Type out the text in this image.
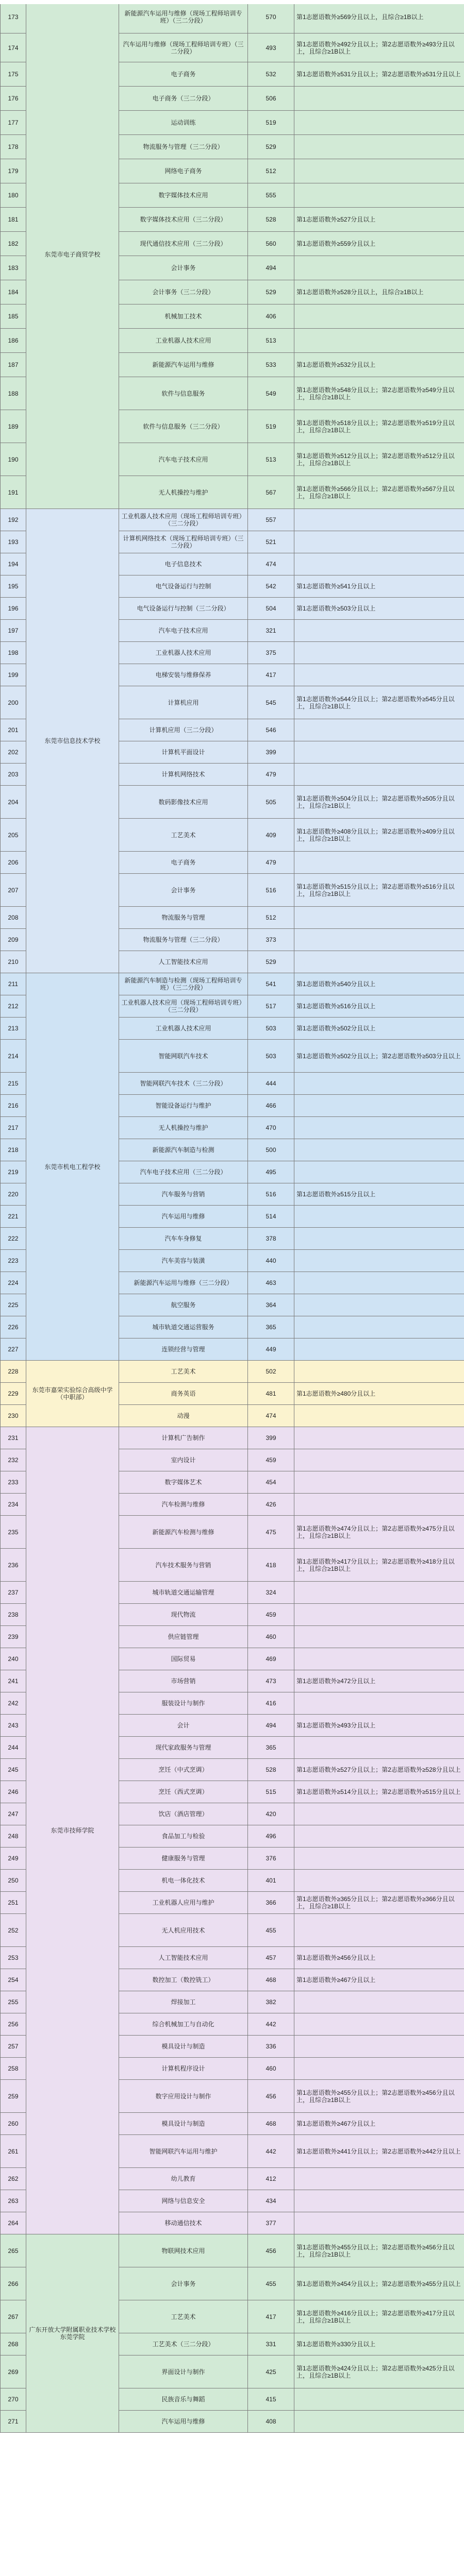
173	东莞市电子商贸学校	新能源汽车运用与维修（现场工程师培训专班）（三二分段）	570	第1志愿语数外≥569分且以上，且综合≥1B以上
174		汽车运用与维修（现场工程师培训专班）（三二分段）	493	第1志愿语数外≥492分且以上；第2志愿语数外≥493分且以上，且综合≥1B以上
175		电子商务	532	第1志愿语数外≥531分且以上；第2志愿语数外≥531分且以上
176		电子商务（三二分段）	506	
177		运动训练	519	
178		物流服务与管理（三二分段）	529	
179		网络电子商务	512	
180		数字媒体技术应用	555	
181		数字媒体技术应用（三二分段）	528	第1志愿语数外≥527分且以上
182		现代通信技术应用（三二分段）	560	第1志愿语数外≥559分且以上
183		会计事务	494	
184		会计事务（三二分段）	529	第1志愿语数外≥528分且以上，且综合≥1B以上
185		机械加工技术	406	
186		工业机器人技术应用	513	
187		新能源汽车运用与维修	533	第1志愿语数外≥532分且以上
188		软件与信息服务	549	第1志愿语数外≥548分且以上；第2志愿语数外≥549分且以上，且综合≥1B以上
189		软件与信息服务（三二分段）	519	第1志愿语数外≥518分且以上；第2志愿语数外≥519分且以上，且综合≥1B以上
190		汽车电子技术应用	513	第1志愿语数外≥512分且以上；第2志愿语数外≥512分且以上，且综合≥1B以上
191		无人机操控与维护	567	第1志愿语数外≥566分且以上；第2志愿语数外≥567分且以上，且综合≥1B以上
192	东莞市信息技术学校	工业机器人技术应用（现场工程师培训专班）（三二分段）	557	
193		计算机网络技术（现场工程师培训专班）（三二分段）	521	
194		电子信息技术	474	
195		电气设备运行与控制	542	第1志愿语数外≥541分且以上
196		电气设备运行与控制（三二分段）	504	第1志愿语数外≥503分且以上
197		汽车电子技术应用	321	
198		工业机器人技术应用	375	
199		电梯安装与维修保养	417	
200		计算机应用	545	第1志愿语数外≥544分且以上；第2志愿语数外≥545分且以上，且综合≥1B以上
201		计算机应用（三二分段）	546	
202		计算机平面设计	399	
203		计算机网络技术	479	
204		数码影像技术应用	505	第1志愿语数外≥504分且以上；第2志愿语数外≥505分且以上，且综合≥1B以上
205		工艺美术	409	第1志愿语数外≥408分且以上；第2志愿语数外≥409分且以上，且综合≥1B以上
206		电子商务	479	
207		会计事务	516	第1志愿语数外≥515分且以上；第2志愿语数外≥516分且以上，且综合≥1B以上
208		物流服务与管理	512	
209		物流服务与管理（三二分段）	373	
210		人工智能技术应用	529	
211	东莞市机电工程学校	新能源汽车制造与检测（现场工程师培训专班）（三二分段）	541	第1志愿语数外≥540分且以上
212		工业机器人技术应用（现场工程师培训专班）（三二分段）	517	第1志愿语数外≥516分且以上
213		工业机器人技术应用	503	第1志愿语数外≥502分且以上
214		智能网联汽车技术	503	第1志愿语数外≥502分且以上；第2志愿语数外≥503分且以上
215		智能网联汽车技术（三二分段）	444	
216		智能设备运行与维护	466	
217		无人机操控与维护	470	
218		新能源汽车制造与检测	500	
219		汽车电子技术应用（三二分段）	495	
220		汽车服务与营销	516	第1志愿语数外≥515分且以上
221		汽车运用与维修	514	
222		汽车车身修复	378	
223		汽车美容与装潢	440	
224		新能源汽车运用与维修（三二分段）	463	
225		航空服务	364	
226		城市轨道交通运营服务	365	
227		连锁经营与管理	449	
228	东莞市嘉荣实验综合高级中学（中职部）	工艺美术	502	
229		商务英语	481	第1志愿语数外≥480分且以上
230		动漫	474	
231	东莞市技师学院	计算机广告制作	399	
232		室内设计	459	
233		数字媒体艺术	454	
234		汽车检测与维修	426	
235		新能源汽车检测与维修	475	第1志愿语数外≥474分且以上；第2志愿语数外≥475分且以上，且综合≥1B以上
236		汽车技术服务与营销	418	第1志愿语数外≥417分且以上；第2志愿语数外≥418分且以上，且综合≥1B以上
237		城市轨道交通运输管理	324	
238		现代物流	459	
239		供应链管理	460	
240		国际贸易	469	
241		市场营销	473	第1志愿语数外≥472分且以上
242		服装设计与制作	416	
243		会计	494	第1志愿语数外≥493分且以上
244		现代家政服务与管理	365	
245		烹饪（中式烹调）	528	第1志愿语数外≥527分且以上；第2志愿语数外≥528分且以上
246		烹饪（西式烹调）	515	第1志愿语数外≥514分且以上；第2志愿语数外≥515分且以上
247		饮店（酒店管理）	420	
248		食品加工与检验	496	
249		健康服务与管理	376	
250		机电一体化技术	401	
251		工业机器人应用与维护	366	第1志愿语数外≥365分且以上；第2志愿语数外≥366分且以上，且综合≥1B以上
252		无人机应用技术	455	
253		人工智能技术应用	457	第1志愿语数外≥456分且以上
254		数控加工（数控铣工）	468	第1志愿语数外≥467分且以上
255		焊接加工	382	
256		综合机械加工与自动化	442	
257		模具设计与制造	336	
258		计算机程序设计	460	
259		数字应用设计与制作	456	第1志愿语数外≥455分且以上；第2志愿语数外≥456分且以上，且综合≥1B以上
260		模具设计与制造	468	第1志愿语数外≥467分且以上
261		智能网联汽车运用与维护	442	第1志愿语数外≥441分且以上；第2志愿语数外≥442分且以上
262		幼儿教育	412	
263		网络与信息安全	434	
264		移动通信技术	377	
265	广东开放大学附属职业技术学校东莞学院	物联网技术应用	456	第1志愿语数外≥455分且以上；第2志愿语数外≥456分且以上，且综合≥1B以上
266		会计事务	455	第1志愿语数外≥454分且以上；第2志愿语数外≥455分且以上
267		工艺美术	417	第1志愿语数外≥416分且以上；第2志愿语数外≥417分且以上，且综合≥1B以上
268		工艺美术（三二分段）	331	第1志愿语数外≥330分且以上
269		界面设计与制作	425	第1志愿语数外≥424分且以上；第2志愿语数外≥425分且以上，且综合≥1B以上
270		民族音乐与舞蹈	415	
271		汽车运用与维修	408	
